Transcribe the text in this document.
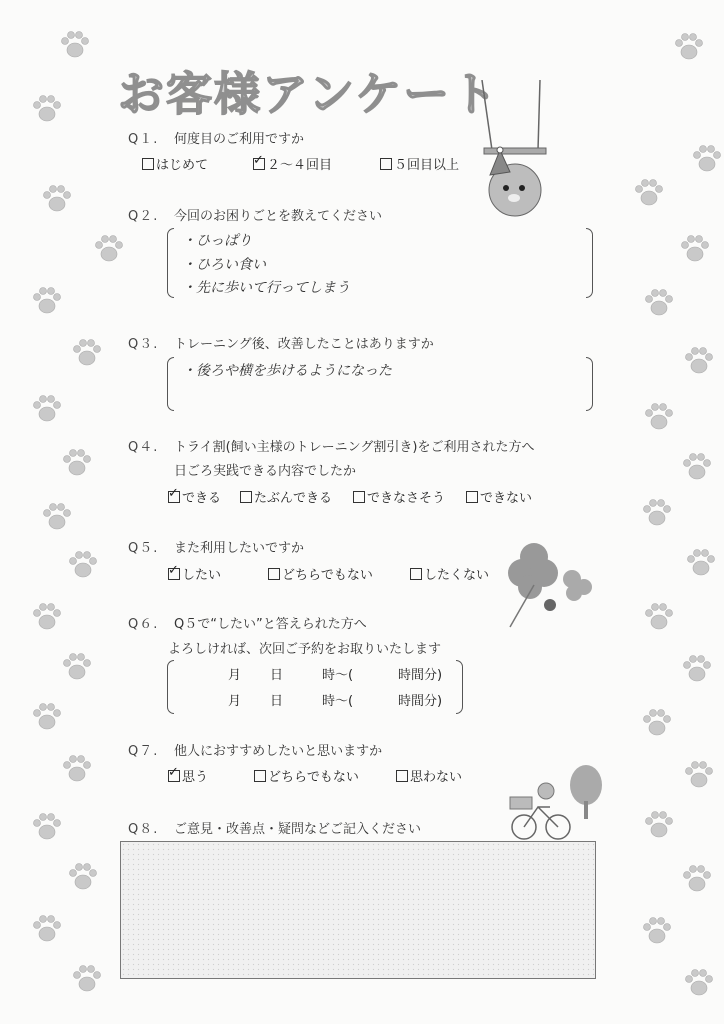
お客様アンケート
Q１. 何度目のご利用ですか
はじめて
✓	２～４回目	５回目以上
Q２. 今回のお困りごとを教えてください
・ひっぱり
・ひろい食い
・先に歩いて行ってしまう
Q３. トレーニング後、改善したことはありますか
・後ろや横を歩けるようになった
Q４. トライ割(飼い主様のトレーニング割引き)をご利用された方へ
日ごろ実践できる内容でしたか
✓できる	たぶんできる	できなさそう	できない
Q５. また利用したいですか
✓したい	どちらでもない	したくない
Q６. Q５で“したい”と答えられた方へ
よろしければ、次回ご予約をお取りいたします
月 日	時～(	時間分)
月 日	時～(	時間分)
Q７. 他人におすすめしたいと思いますか
✓思う	どちらでもない	思わない
Q８. ご意見・改善点・疑問などご記入ください
